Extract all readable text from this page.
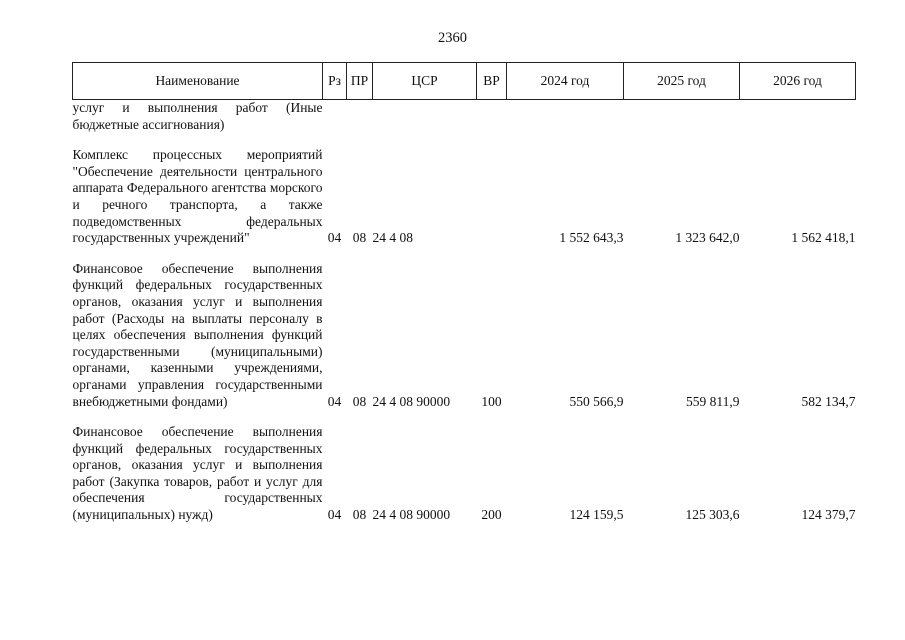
2360
Наименование	Рз	ПР	ЦСР	ВР	2024 год	2025 год	2026 год
услуг и выполнения работ (Иные бюджетные ассигнования)							

Комплекс процессных мероприятий "Обеспечение деятельности центрального аппарата Федерального агентства морского и речного транспорта, а также подведомственных федеральных государственных учреждений"	04	08	24 4 08		1 552 643,3	1 323 642,0	1 562 418,1

Финансовое обеспечение выполнения функций федеральных государственных органов, оказания услуг и выполнения работ (Расходы на выплаты персоналу в целях обеспечения выполнения функций государственными (муниципальными) органами, казенными учреждениями, органами управления государственными внебюджетными фондами)	04	08	24 4 08 90000	100	550 566,9	559 811,9	582 134,7

Финансовое обеспечение выполнения функций федеральных государственных органов, оказания услуг и выполнения работ (Закупка товаров, работ и услуг для обеспечения государственных (муниципальных) нужд)	04	08	24 4 08 90000	200	124 159,5	125 303,6	124 379,7
